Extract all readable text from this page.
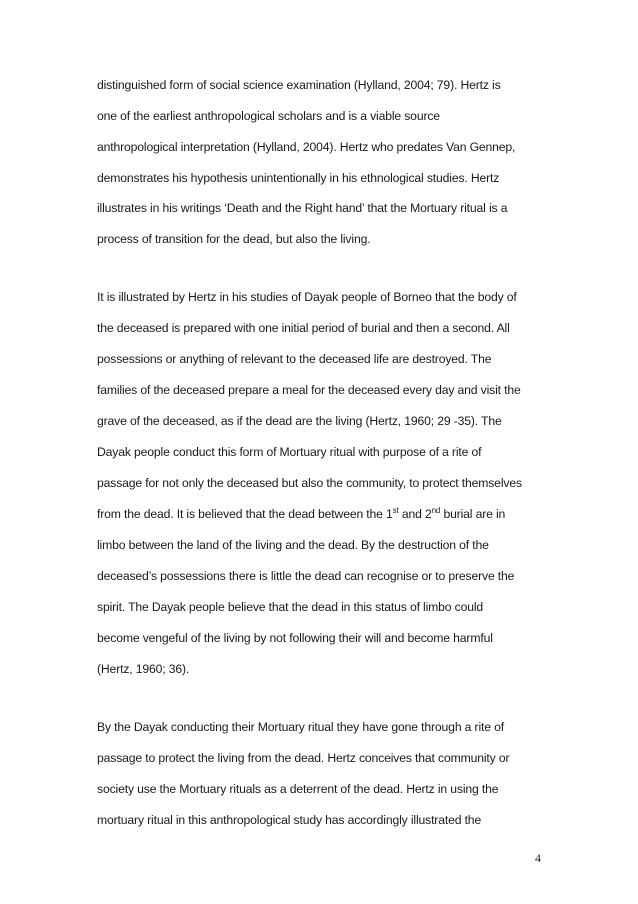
distinguished form of social science examination (Hylland, 2004; 79). Hertz is
one of the earliest anthropological scholars and is a viable source
anthropological interpretation (Hylland, 2004). Hertz who predates Van Gennep,
demonstrates his hypothesis unintentionally in his ethnological studies. Hertz
illustrates in his writings ‘Death and the Right hand’ that the Mortuary ritual is a
process of transition for the dead, but also the living.
It is illustrated by Hertz in his studies of Dayak people of Borneo that the body of
the deceased is prepared with one initial period of burial and then a second. All
possessions or anything of relevant to the deceased life are destroyed. The
families of the deceased prepare a meal for the deceased every day and visit the
grave of the deceased, as if the dead are the living (Hertz, 1960; 29 -35). The
Dayak people conduct this form of Mortuary ritual with purpose of a rite of
passage for not only the deceased but also the community, to protect themselves
from the dead. It is believed that the dead between the 1st and 2nd burial are in
limbo between the land of the living and the dead. By the destruction of the
deceased’s possessions there is little the dead can recognise or to preserve the
spirit. The Dayak people believe that the dead in this status of limbo could
become vengeful of the living by not following their will and become harmful
(Hertz, 1960; 36).
By the Dayak conducting their Mortuary ritual they have gone through a rite of
passage to protect the living from the dead. Hertz conceives that community or
society use the Mortuary rituals as a deterrent of the dead. Hertz in using the
mortuary ritual in this anthropological study has accordingly illustrated the
4
